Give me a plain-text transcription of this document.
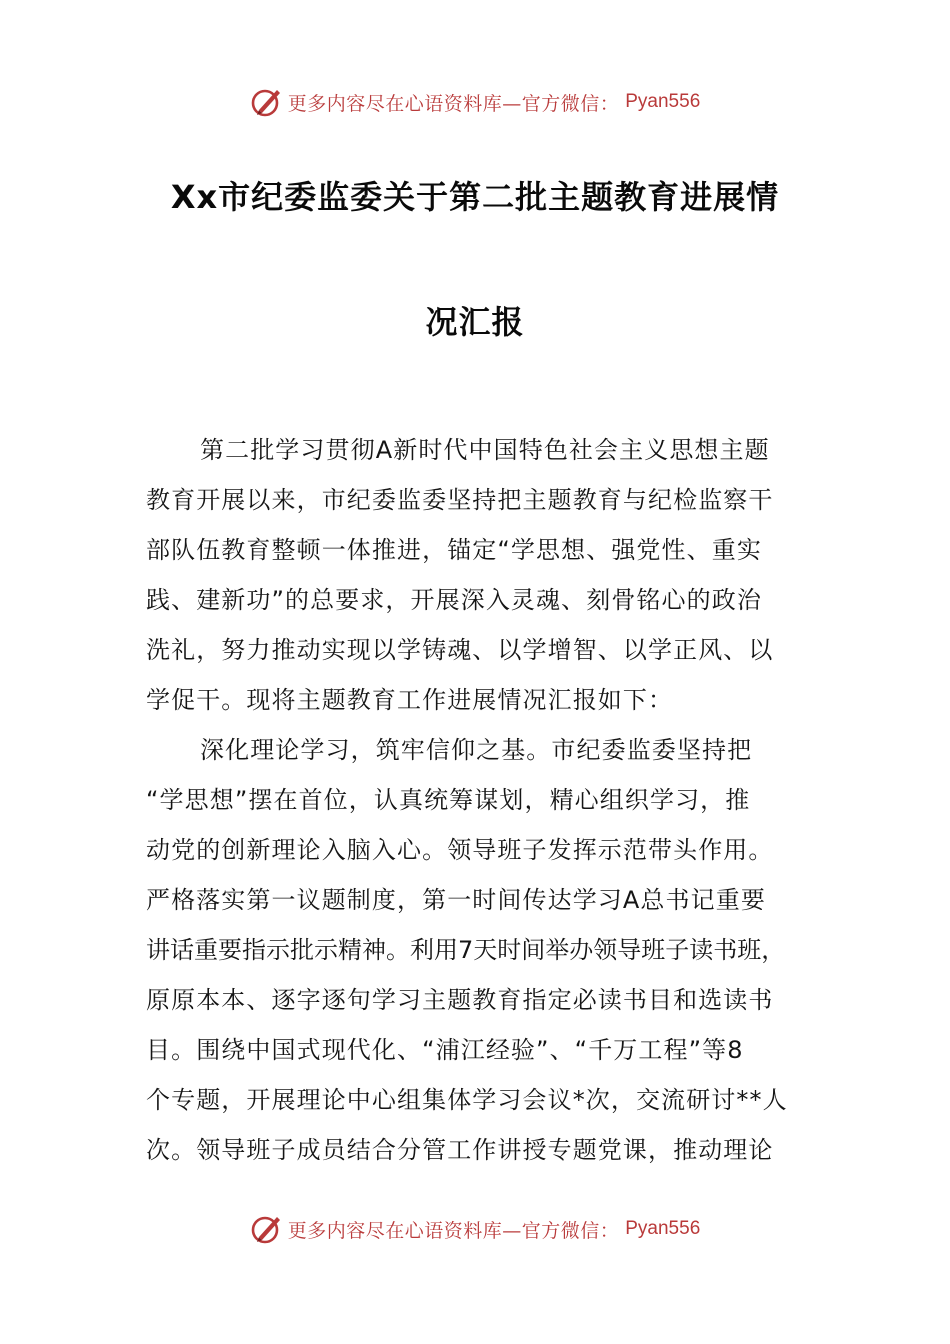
更多内容尽在心语资料库—官方微信： Pyan556
Xx市纪委监委关于第二批主题教育进展情
况汇报
第二批学习贯彻A新时代中国特色社会主义思想主题
教育开展以来，市纪委监委坚持把主题教育与纪检监察干
部队伍教育整顿一体推进，锚定“学思想、强党性、重实
践、建新功”的总要求，开展深入灵魂、刻骨铭心的政治
洗礼，努力推动实现以学铸魂、以学增智、以学正风、以
学促干。现将主题教育工作进展情况汇报如下：
深化理论学习，筑牢信仰之基。市纪委监委坚持把
“学思想”摆在首位，认真统筹谋划，精心组织学习，推
动党的创新理论入脑入心。领导班子发挥示范带头作用。
严格落实第一议题制度，第一时间传达学习A总书记重要
讲话重要指示批示精神。利用7天时间举办领导班子读书班，
原原本本、逐字逐句学习主题教育指定必读书目和选读书
目。围绕中国式现代化、“浦江经验”、“千万工程”等8
个专题，开展理论中心组集体学习会议*次，交流研讨**人
次。领导班子成员结合分管工作讲授专题党课，推动理论
更多内容尽在心语资料库—官方微信： Pyan556
